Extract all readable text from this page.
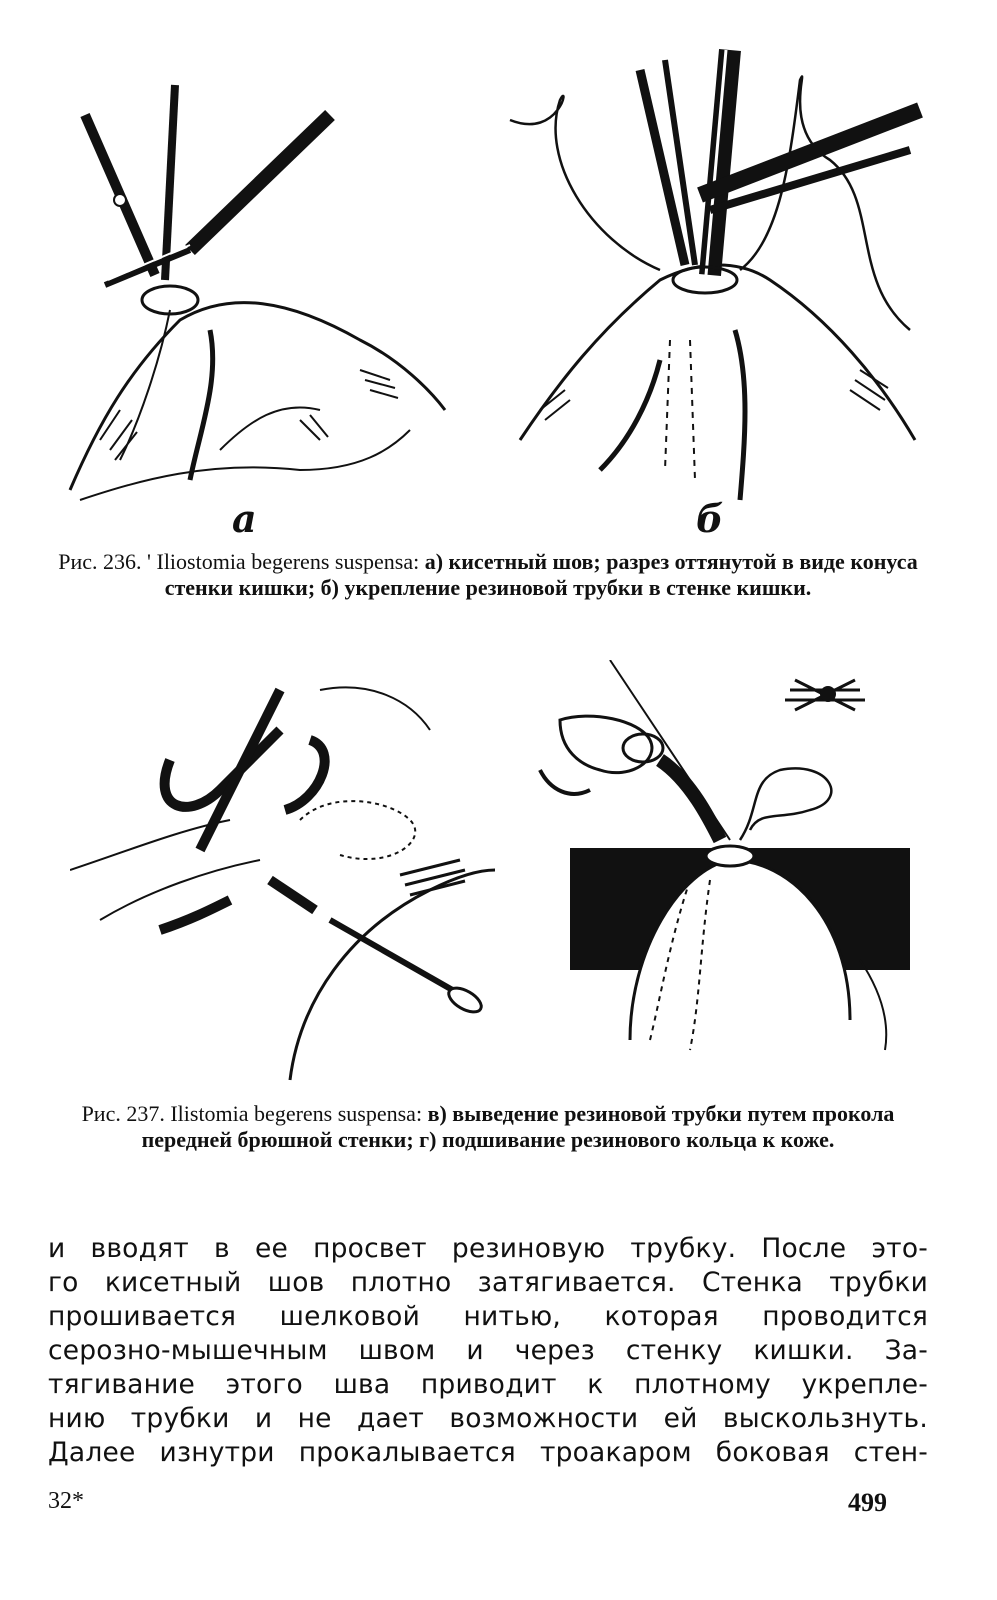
а	б
Рис. 236. ' Iliostomia begerens suspensa: а) кисетный шов; разрез оттянутой в виде конуса стенки кишки; б) укрепление резиновой трубки в стенке кишки.
Рис. 237. Ilistomia begerens suspensa: в) выведение резиновой трубки путем прокола передней брюшной стенки; г) подшивание резинового кольца к коже.

и вводят в ее просвет резиновую трубку. После это-

го кисетный шов плотно затягивается. Стенка трубки

прошивается шелковой нитью, которая проводится

серозно-мышечным швом и через стенку кишки. За-

тягивание этого шва приводит к плотному укрепле-

нию трубки и не дает возможности ей выскользнуть.

Далее изнутри прокалывается троакаром боковая стен-

32*	499
